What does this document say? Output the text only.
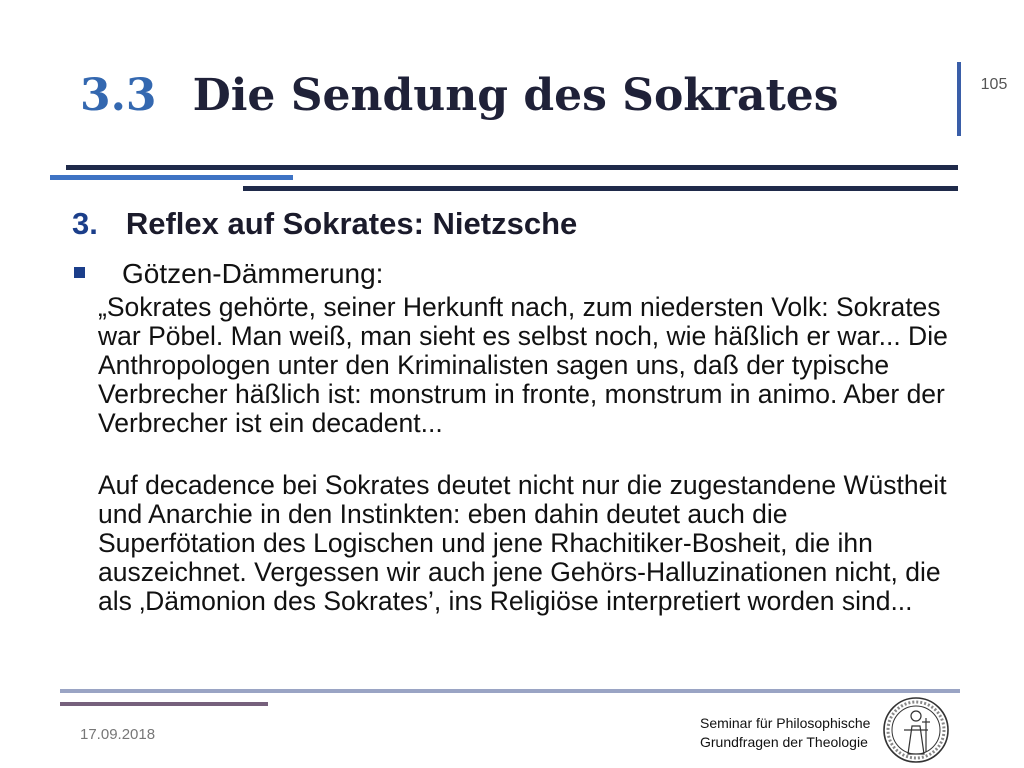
3.3 Die Sendung des Sokrates	105
3. Reflex auf Sokrates: Nietzsche
Götzen-Dämmerung:

„Sokrates gehörte, seiner Herkunft nach, zum niedersten Volk: Sokrates war Pöbel. Man weiß, man sieht es selbst noch, wie häßlich er war... Die Anthropologen unter den Kriminalisten sagen uns, daß der typische Verbrecher häßlich ist: monstrum in fronte, monstrum in animo. Aber der Verbrecher ist ein decadent...

Auf decadence bei Sokrates deutet nicht nur die zugestandene Wüstheit und Anarchie in den Instinkten: eben dahin deutet auch die Superfötation des Logischen und jene Rhachitiker-Bosheit, die ihn auszeichnet. Vergessen wir auch jene Gehörs-Halluzinationen nicht, die als ‚Dämonion des Sokrates’, ins Religiöse interpretiert worden sind...

17.09.2018
Seminar für Philosophische
Grundfragen der Theologie
